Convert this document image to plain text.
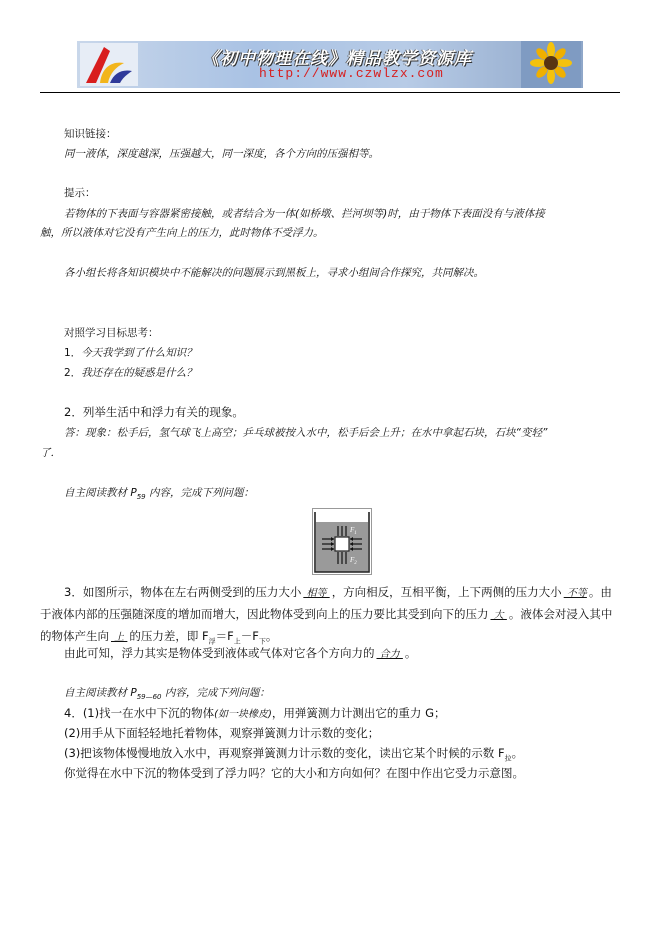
《初中物理在线》精品教学资源库
http://www.czwlzx.com
知识链接：
同一液体，深度越深，压强越大，同一深度，各个方向的压强相等。
提示：
若物体的下表面与容器紧密接触，或者结合为一体(如桥墩、拦河坝等)时，由于物体下表面没有与液体接
触，所以液体对它没有产生向上的压力，此时物体不受浮力。
各小组长将各知识模块中不能解决的问题展示到黑板上，寻求小组间合作探究，共同解决。
对照学习目标思考：
1．今天我学到了什么知识？
2．我还存在的疑惑是什么？
2．列举生活中和浮力有关的现象。
答：现象：松手后，氢气球飞上高空；乒乓球被按入水中，松手后会上升；在水中拿起石块，石块“变轻”
了．
自主阅读教材 $P_{59}$ 内容，完成下列问题：
$F_1$
$F_2$
3．如图所示，物体在左右两侧受到的压力大小 相等 ，方向相反，互相平衡，上下两侧的压力大小 不等 。由于液体内部的压强随深度的增加而增大，因此物体受到向上的压力要比其受到向下的压力 大 。液体会对浸入其中的物体产生向 上 的压力差，即 $F_浮=F_上-F_下$。
由此可知，浮力其实是物体受到液体或气体对它各个方向力的 合力 。
自主阅读教材 $P_{59—60}$ 内容，完成下列问题：
4．(1)找一在水中下沉的物体(如一块橡皮)，用弹簧测力计测出它的重力 G；
(2)用手从下面轻轻地托着物体，观察弹簧测力计示数的变化；
(3)把该物体慢慢地放入水中，再观察弹簧测力计示数的变化，读出它某个时候的示数 $F_拉$。
你觉得在水中下沉的物体受到了浮力吗？它的大小和方向如何？在图中作出它受力示意图。
